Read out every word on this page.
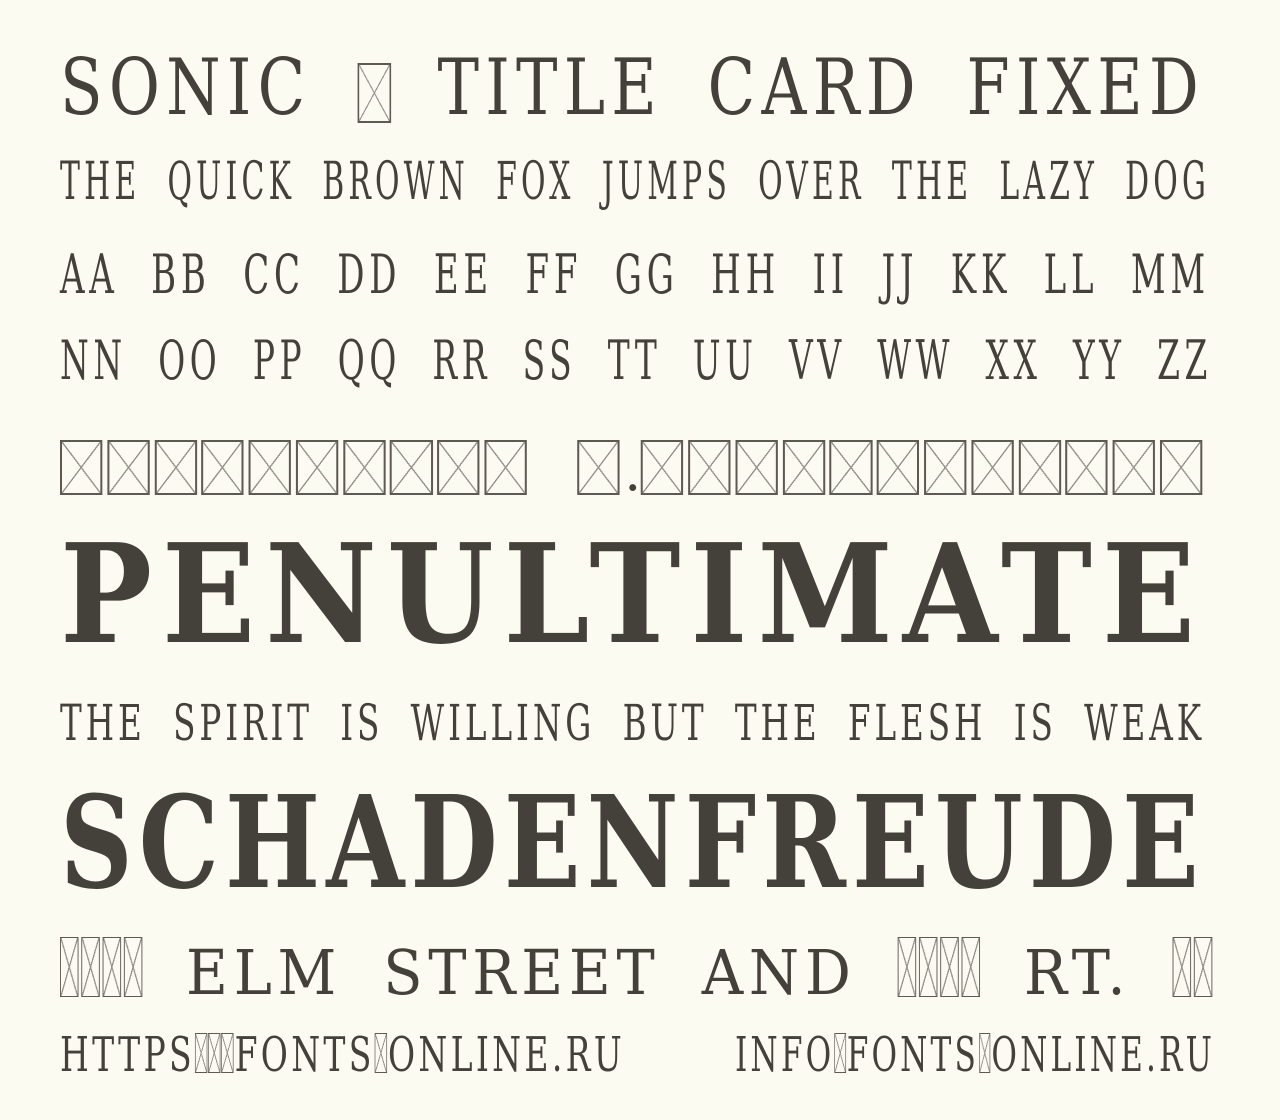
SONIC  TITLE CARD FIXED
THE QUICK BROWN FOX JUMPS OVER THE LAZY DOG
AA BB CC DD EE FF GG HH II JJ KK LL MM
NN OO PP QQ RR SS TT UU VV WW XX YY ZZ
.
PENULTIMATE
THE SPIRIT IS WILLING BUT THE FLESH IS WEAK
SCHADENFREUDE
ELM STREET AND  RT.
HTTPS FONTS ONLINE.RU INFO FONTS ONLINE.RU
